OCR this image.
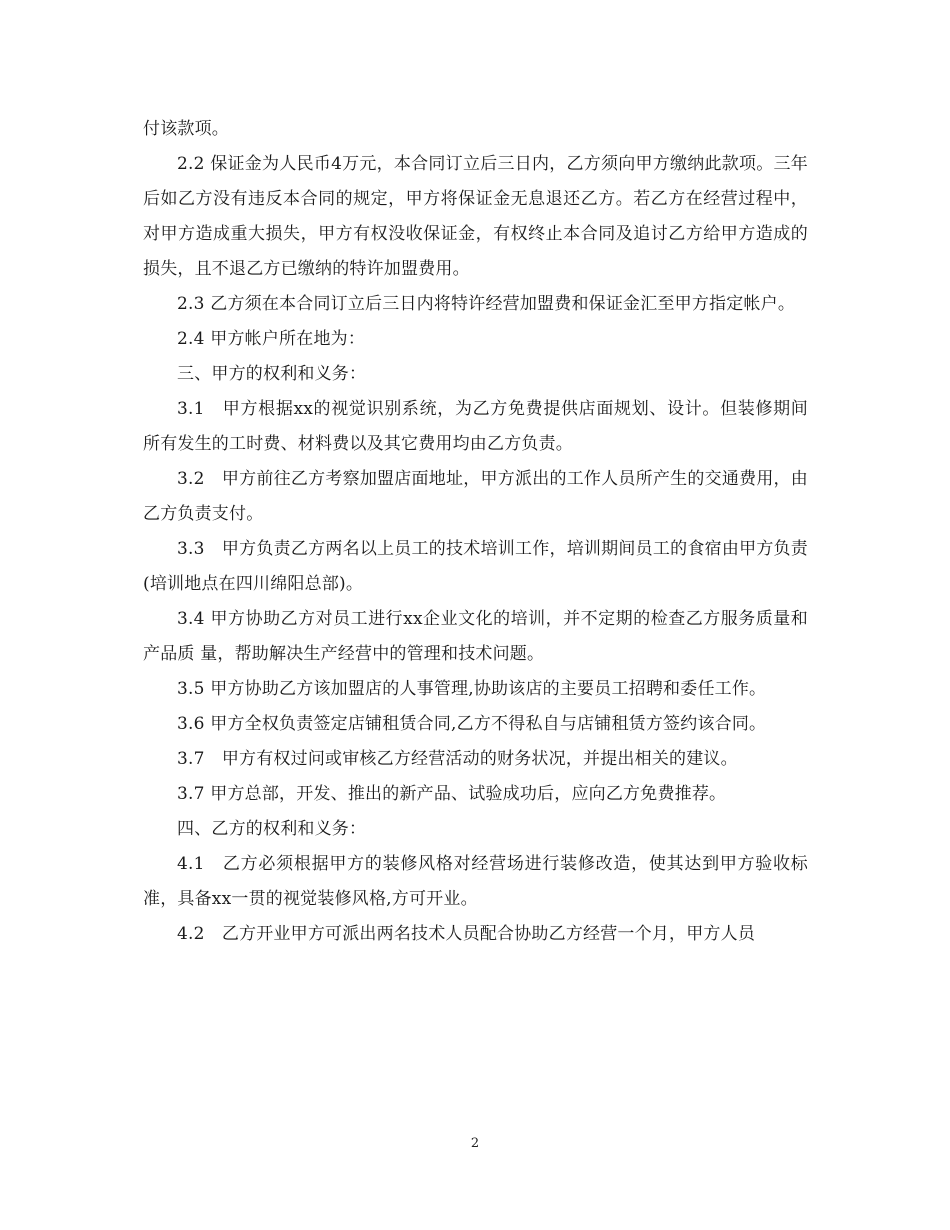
付该款项。

2.2 保证金为人民币4万元，本合同订立后三日内，乙方须向甲方缴纳此款项。三年后如乙方没有违反本合同的规定，甲方将保证金无息退还乙方。若乙方在经营过程中，对甲方造成重大损失，甲方有权没收保证金，有权终止本合同及追讨乙方给甲方造成的损失，且不退乙方已缴纳的特许加盟费用。

2.3 乙方须在本合同订立后三日内将特许经营加盟费和保证金汇至甲方指定帐户。

2.4 甲方帐户所在地为：

三、甲方的权利和义务：

3.1　甲方根据xx的视觉识别系统，为乙方免费提供店面规划、设计。但装修期间所有发生的工时费、材料费以及其它费用均由乙方负责。

3.2　甲方前往乙方考察加盟店面地址，甲方派出的工作人员所产生的交通费用，由乙方负责支付。

3.3　甲方负责乙方两名以上员工的技术培训工作，培训期间员工的食宿由甲方负责(培训地点在四川绵阳总部)。

3.4 甲方协助乙方对员工进行xx企业文化的培训，并不定期的检查乙方服务质量和产品质 量，帮助解决生产经营中的管理和技术问题。

3.5 甲方协助乙方该加盟店的人事管理,协助该店的主要员工招聘和委任工作。

3.6 甲方全权负责签定店铺租赁合同,乙方不得私自与店铺租赁方签约该合同。

3.7　甲方有权过问或审核乙方经营活动的财务状况，并提出相关的建议。

3.7 甲方总部，开发、推出的新产品、试验成功后，应向乙方免费推荐。

四、乙方的权利和义务：

4.1　乙方必须根据甲方的装修风格对经营场进行装修改造，使其达到甲方验收标准，具备xx一贯的视觉装修风格,方可开业。

4.2　乙方开业甲方可派出两名技术人员配合协助乙方经营一个月，甲方人员

2
